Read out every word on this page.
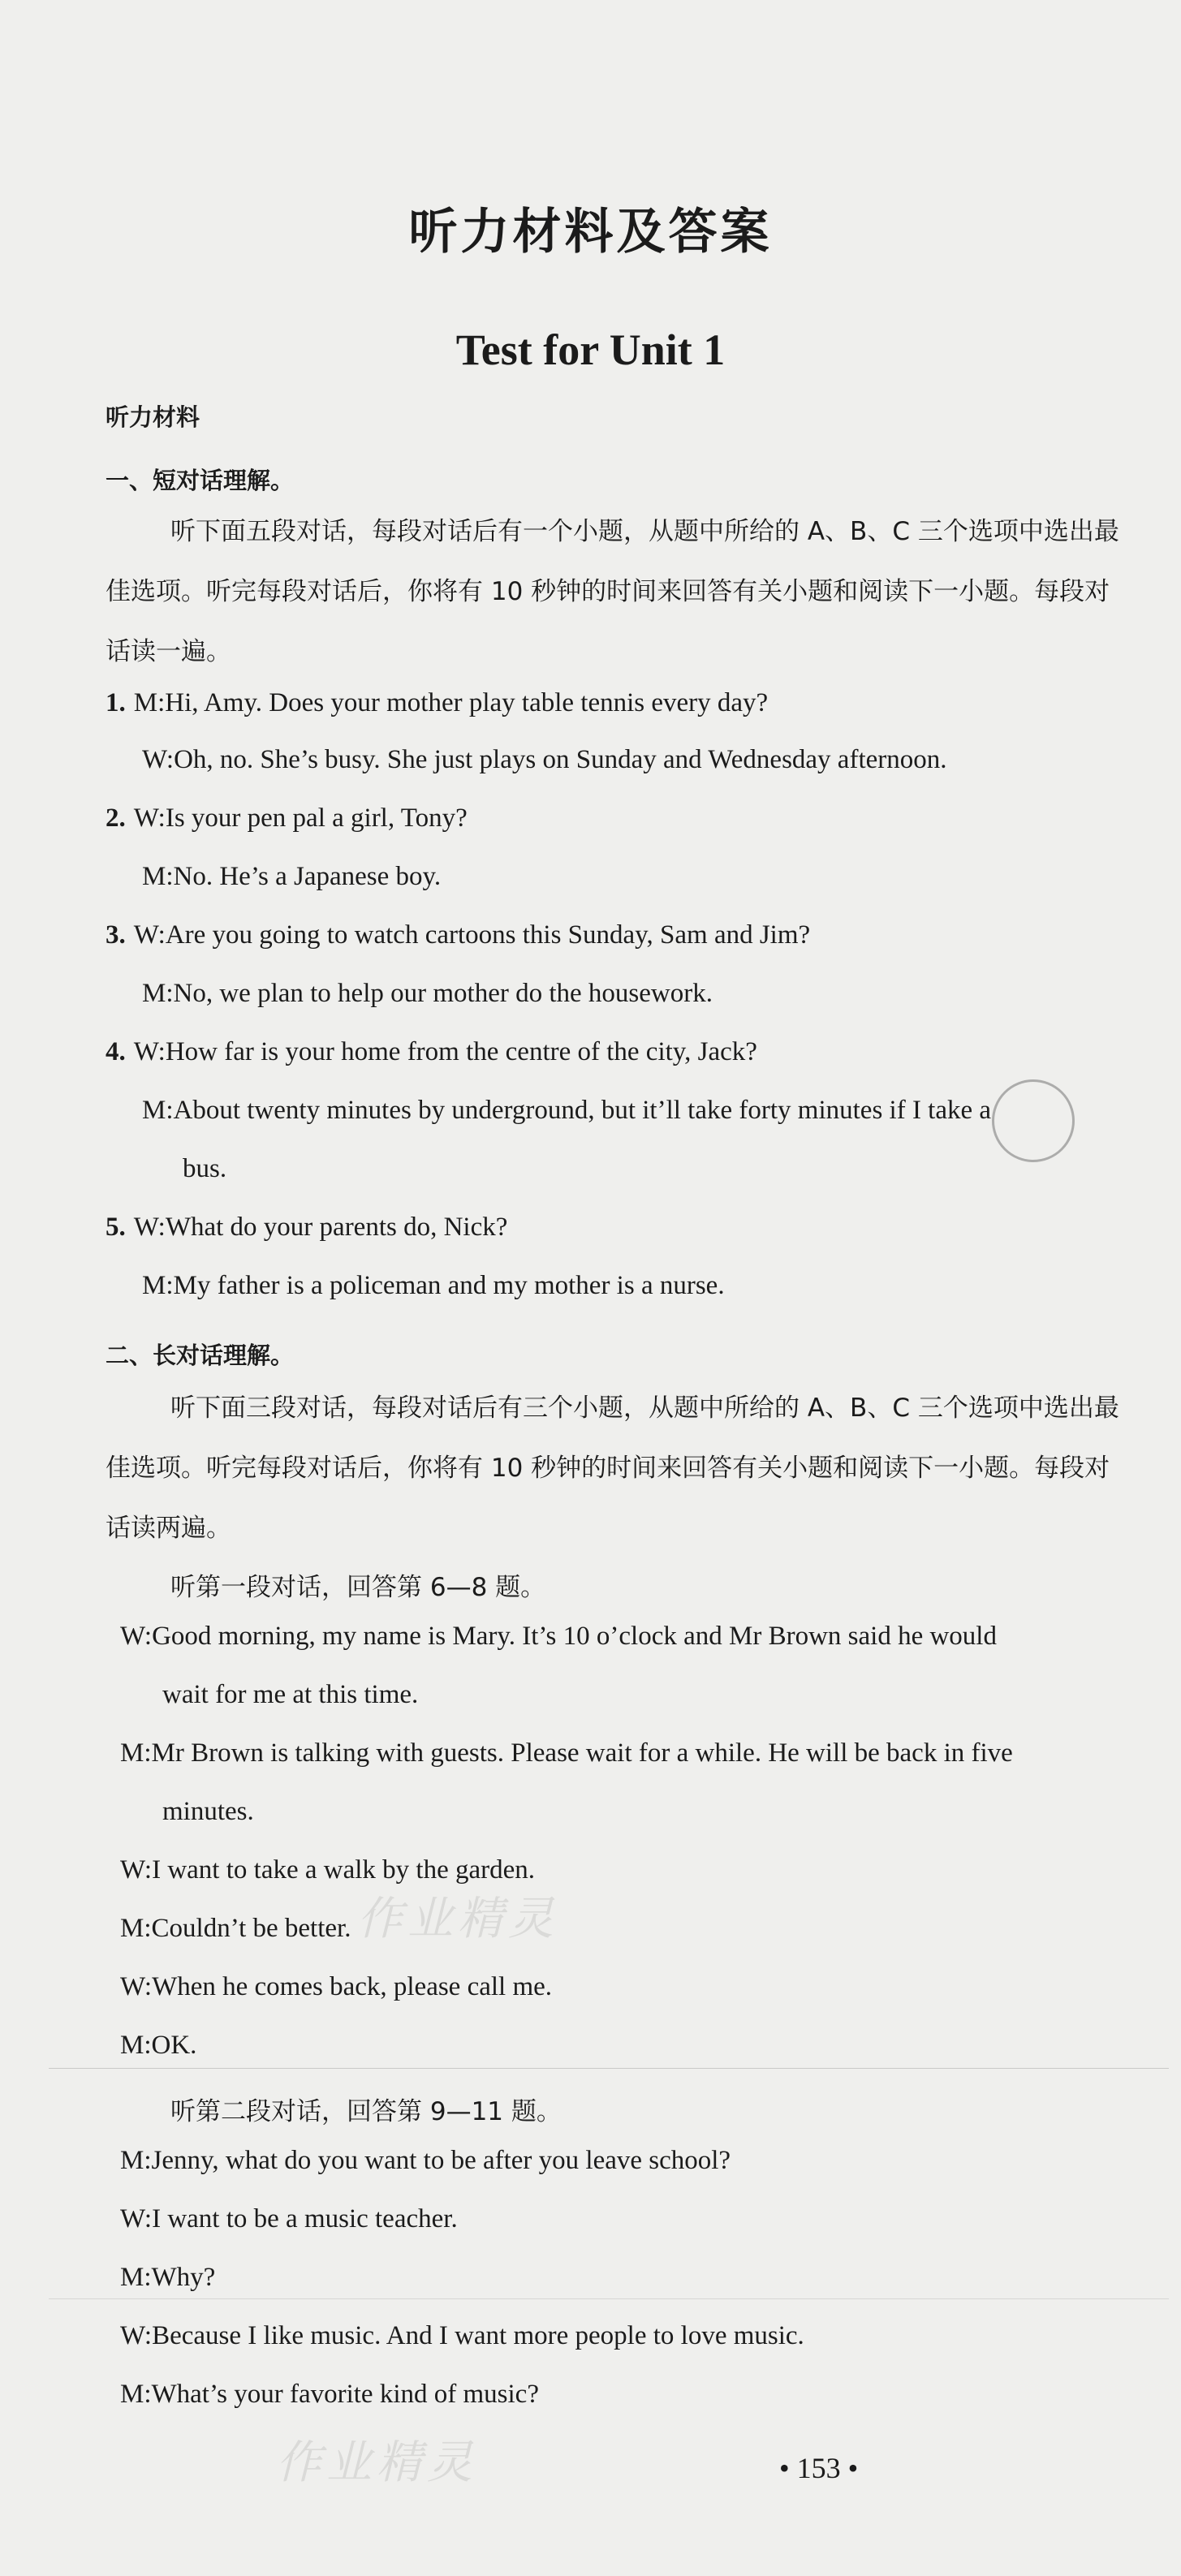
听力材料及答案
Test for Unit 1
听力材料
一、短对话理解。
听下面五段对话，每段对话后有一个小题，从题中所给的 A、B、C 三个选项中选出最佳选项。听完每段对话后，你将有 10 秒钟的时间来回答有关小题和阅读下一小题。每段对话读一遍。
1. M:Hi, Amy. Does your mother play table tennis every day?
W:Oh, no. She’s busy. She just plays on Sunday and Wednesday afternoon.
2. W:Is your pen pal a girl, Tony?
M:No. He’s a Japanese boy.
3. W:Are you going to watch cartoons this Sunday, Sam and Jim?
M:No, we plan to help our mother do the housework.
4. W:How far is your home from the centre of the city, Jack?
M:About twenty minutes by underground, but it’ll take forty minutes if I take a
bus.
5. W:What do your parents do, Nick?
M:My father is a policeman and my mother is a nurse.
二、长对话理解。
听下面三段对话，每段对话后有三个小题，从题中所给的 A、B、C 三个选项中选出最佳选项。听完每段对话后，你将有 10 秒钟的时间来回答有关小题和阅读下一小题。每段对话读两遍。
听第一段对话，回答第 6—8 题。
W:Good morning, my name is Mary. It’s 10 o’clock and Mr Brown said he would
wait for me at this time.
M:Mr Brown is talking with guests. Please wait for a while. He will be back in five
minutes.
W:I want to take a walk by the garden.
M:Couldn’t be better.
W:When he comes back, please call me.
M:OK.
听第二段对话，回答第 9—11 题。
M:Jenny, what do you want to be after you leave school?
W:I want to be a music teacher.
M:Why?
W:Because I like music. And I want more people to love music.
M:What’s your favorite kind of music?
作业精灵
作业精灵	• 153 •
